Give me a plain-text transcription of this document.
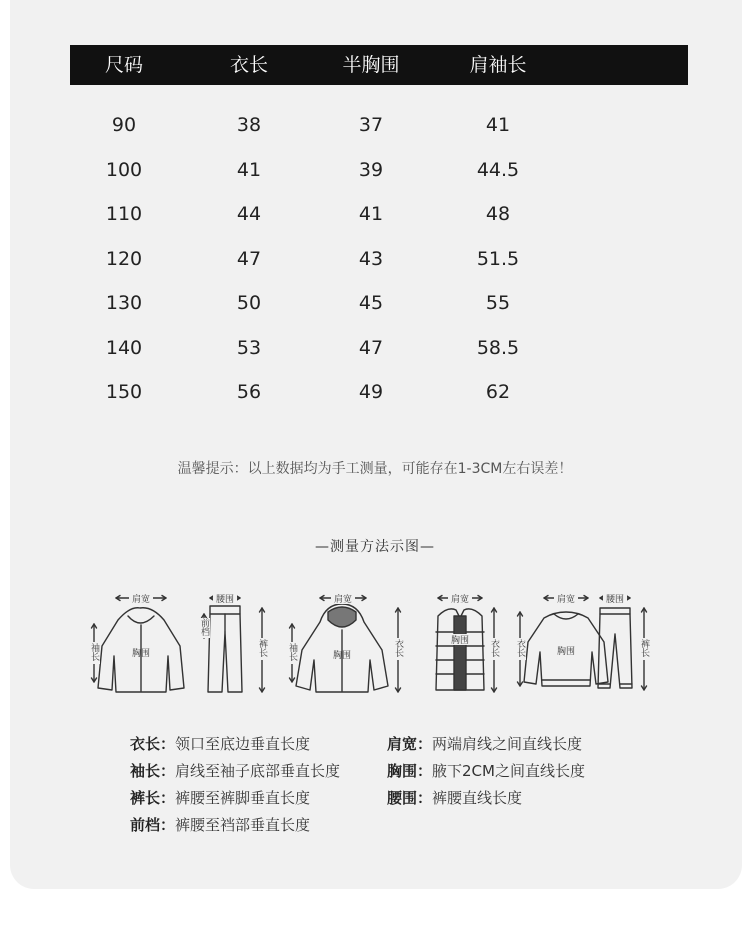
尺码	衣长	半胸围	肩袖长
90	38	37	41
100	41	39	44.5
110	44	41	48
120	47	43	51.5
130	50	45	55
140	53	47	58.5
150	56	49	62
温馨提示：以上数据均为手工测量，可能存在1-3CM左右误差！
—测量方法示图—
肩宽
胸围
袖长
腰围
前档
裤长
肩宽
胸围
袖长	衣长
肩宽
胸围 衣长
肩宽
胸围
衣长
腰围
裤长
衣长：领口至底边垂直长度	肩宽：两端肩线之间直线长度
袖长：肩线至袖子底部垂直长度	胸围：腋下2CM之间直线长度
裤长：裤腰至裤脚垂直长度	腰围：裤腰直线长度
前档：裤腰至裆部垂直长度
